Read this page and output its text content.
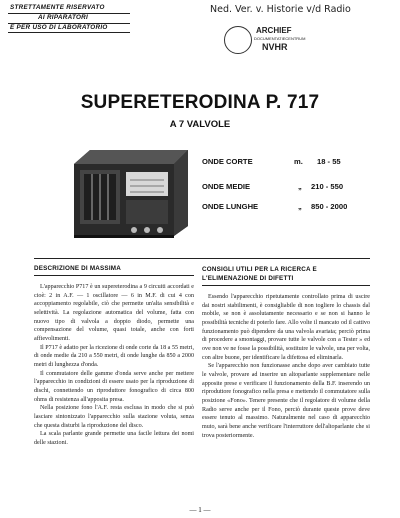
STRETTAMENTE RISERVATO
AI RIPARATORI
E PER USO DI LABORATORIO
Ned. Ver. v. Historie v/d Radio
ARCHIEF
DOCUMENTATIECENTRUM
NVHR
SUPERETERODINA P. 717
A 7 VALVOLE
ONDE CORTE	m. 18 - 55
ONDE MEDIE	„ 210 - 550
ONDE LUNGHE	„ 850 - 2000
DESCRIZIONE DI MASSIMA

L'apparecchio P717 è un supereterodina a 9 circuiti accordati e cioè: 2 in A.F. — 1 oscillatore — 6 in M.F. di cui 4 con accoppiamento regolabile, ciò che permette un'alta sensibilità e selettività. La regolazione automatica del volume, fatta con nuovo tipo di valvola a doppio diodo, permette una compensazione del volume, quasi totale, anche con forti affievolimenti.

Il P717 è adatto per la ricezione di onde corte da 18 a 55 metri, di onde medie da 210 a 550 metri, di onde lunghe da 850 a 2000 metri di lunghezza d'onda.

Il commutatore delle gamme d'onda serve anche per mettere l'apparecchio in condizioni di essere usato per la riproduzione di dischi, connettendo un riproduttore fonografico di circa 800 ohms di resistenza all'apposita presa.

Nella posizione fono l'A.F. resta esclusa in modo che si può lasciare sintonizzato l'apparecchio sulla stazione voluta, senza che questa disturbi la riproduzione del disco.

La scala parlante grande permette una facile lettura dei nomi delle stazioni.

CONSIGLI UTILI PER LA RICERCA E L'ELIMENAZIONE DI DIFETTI

Essendo l'apparecchio ripetutamente controllato prima di uscire dai nostri stabilimenti, è consigliabile di non togliere lo chassis dal mobile, se non è assolutamente necessario e se non si hanno le possibilità tecniche di poterlo fare. Allo volte il mancato od il cattivo funzionamento può dipendere da una valvola avariata; perciò prima di procedere a smontaggi, provare tutte le valvole con a Tester » ed ove non ve ne fosse la possibilità, sostituire le valvole, una per volta, con altre buone, per identificare la difettosa ed eliminarla.

Se l'apparecchio non funzionasse anche dopo aver cambiato tutte le valvole, provare ad inserire un altoparlante supplementare nelle apposite prese e verificare il funzionamento della B.F. inserendo un riproduttore fonografico nella presa e mettendo il commutatore sulla posizione «Fono». Tenere presente che il regolatore di volume della Radio serve anche per il Fono, perciò durante queste prove deve essere tenuto al massimo. Naturalmente nel caso di apparecchio muto, sarà bene anche verificare l'interruttore dell'altoparlante che si trova posteriormente.

— 1 —
